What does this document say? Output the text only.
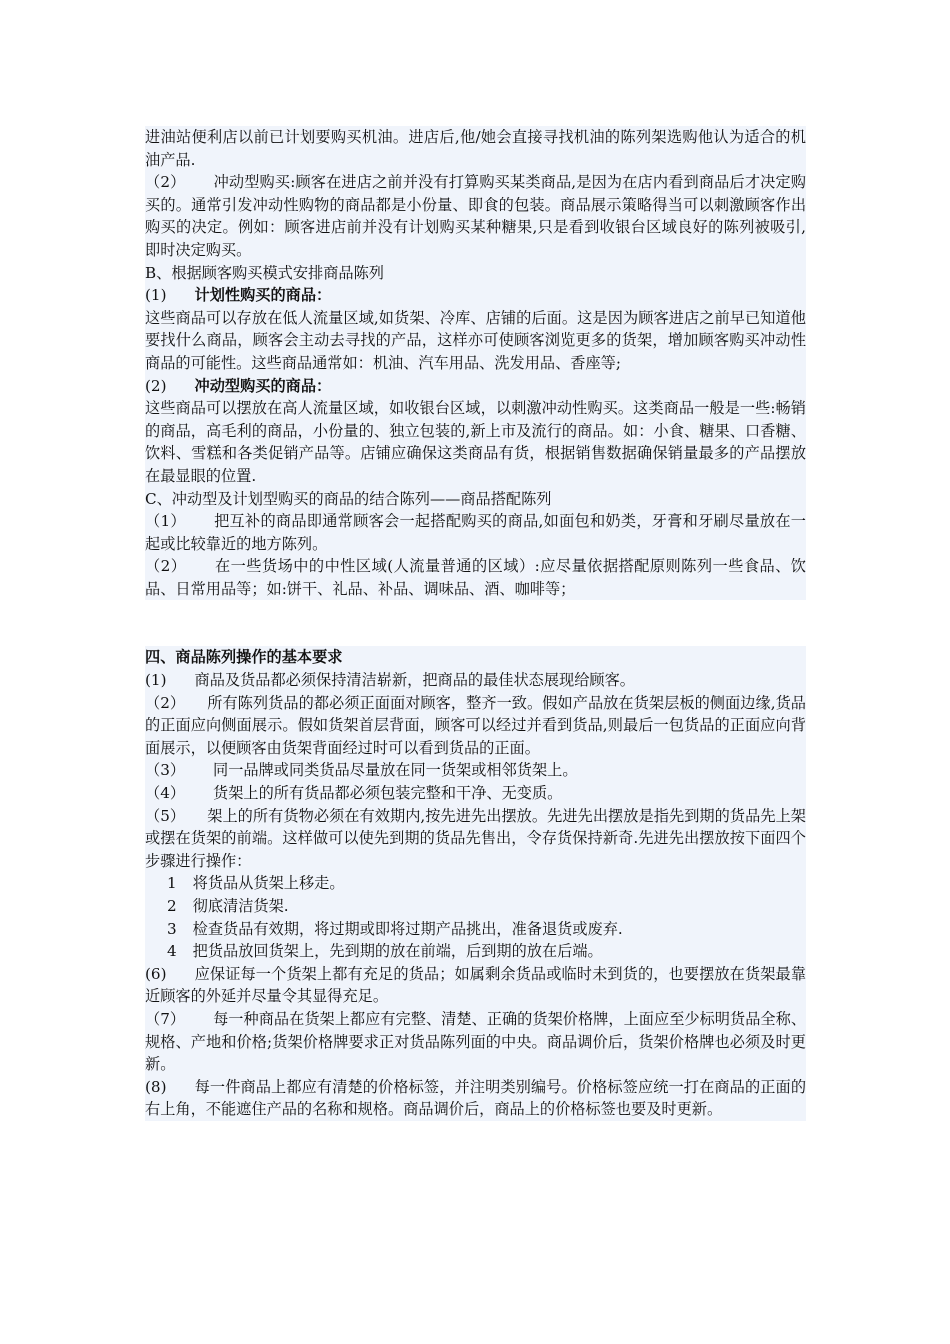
进油站便利店以前已计划要购买机油。进店后,他/她会直接寻找机油的陈列架选购他认为适合的机油产品.

（2） 冲动型购买:顾客在进店之前并没有打算购买某类商品,是因为在店内看到商品后才决定购买的。通常引发冲动性购物的商品都是小份量、即食的包装。商品展示策略得当可以刺激顾客作出购买的决定。例如：顾客进店前并没有计划购买某种糖果,只是看到收银台区域良好的陈列被吸引,即时决定购买。

B、根据顾客购买模式安排商品陈列

(1) 计划性购买的商品：

这些商品可以存放在低人流量区域,如货架、冷库、店铺的后面。这是因为顾客进店之前早已知道他要找什么商品，顾客会主动去寻找的产品，这样亦可使顾客浏览更多的货架，增加顾客购买冲动性商品的可能性。这些商品通常如：机油、汽车用品、洗发用品、香座等;

(2) 冲动型购买的商品：

这些商品可以摆放在高人流量区域，如收银台区域，以刺激冲动性购买。这类商品一般是一些:畅销的商品，高毛利的商品，小份量的、独立包装的,新上市及流行的商品。如：小食、糖果、口香糖、饮料、雪糕和各类促销产品等。店铺应确保这类商品有货，根据销售数据确保销量最多的产品摆放在最显眼的位置.

C、冲动型及计划型购买的商品的结合陈列——商品搭配陈列

（1） 把互补的商品即通常顾客会一起搭配购买的商品,如面包和奶类，牙膏和牙刷尽量放在一起或比较靠近的地方陈列。

（2） 在一些货场中的中性区域(人流量普通的区域）:应尽量依据搭配原则陈列一些食品、饮品、日常用品等；如:饼干、礼品、补品、调味品、酒、咖啡等；

四、商品陈列操作的基本要求

(1) 商品及货品都必须保持清洁崭新，把商品的最佳状态展现给顾客。

（2） 所有陈列货品的都必须正面面对顾客，整齐一致。假如产品放在货架层板的侧面边缘,货品的正面应向侧面展示。假如货架首层背面，顾客可以经过并看到货品,则最后一包货品的正面应向背面展示，以便顾客由货架背面经过时可以看到货品的正面。

（3） 同一品牌或同类货品尽量放在同一货架或相邻货架上。

（4） 货架上的所有货品都必须包装完整和干净、无变质。

（5） 架上的所有货物必须在有效期内,按先进先出摆放。先进先出摆放是指先到期的货品先上架或摆在货架的前端。这样做可以使先到期的货品先售出，令存货保持新奇.先进先出摆放按下面四个步骤进行操作：

1 将货品从货架上移走。

2 彻底清洁货架.

3 检查货品有效期，将过期或即将过期产品挑出，准备退货或废弃.

4 把货品放回货架上，先到期的放在前端，后到期的放在后端。

(6) 应保证每一个货架上都有充足的货品；如属剩余货品或临时未到货的，也要摆放在货架最靠近顾客的外延并尽量令其显得充足。

（7） 每一种商品在货架上都应有完整、清楚、正确的货架价格牌，上面应至少标明货品全称、规格、产地和价格;货架价格牌要求正对货品陈列面的中央。商品调价后，货架价格牌也必须及时更新。

(8) 每一件商品上都应有清楚的价格标签，并注明类别编号。价格标签应统一打在商品的正面的右上角，不能遮住产品的名称和规格。商品调价后，商品上的价格标签也要及时更新。
